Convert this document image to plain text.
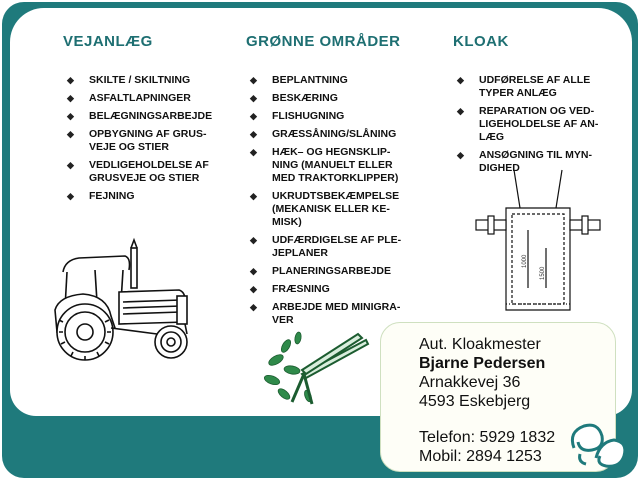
VEJANLÆG
◆ SKILTE / SKILTNING
◆ ASFALTLAPNINGER
◆ BELÆGNINGSARBEJDE
◆ OPBYGNING AF GRUS-
VEJE OG STIER
◆ VEDLIGEHOLDELSE AF
GRUSVEJE OG STIER
◆ FEJNING
GRØNNE OMRÅDER
◆ BEPLANTNING
◆ BESKÆRING
◆ FLISHUGNING
◆ GRÆSSÅNING/SLÅNING
◆ HÆK– OG HEGNSKLIP-
NING (MANUELT ELLER
MED TRAKTORKLIPPER)
◆ UKRUDTSBEKÆMPELSE
(MEKANISK ELLER KE-
MISK)
◆ UDFÆRDIGELSE AF PLE-
JEPLANER
◆ PLANERINGSARBEJDE
◆ FRÆSNING
◆ ARBEJDE MED MINIGRA-
VER
KLOAK
◆ UDFØRELSE AF ALLE
TYPER ANLÆG
◆ REPARATION OG VED-
LIGEHOLDELSE AF AN-
LÆG
◆ ANSØGNING TIL MYN-
DIGHED
1000
1500
Aut. Kloakmester
Bjarne Pedersen
Arnakkevej 36
4593 Eskebjerg
Telefon: 5929 1832
Mobil: 2894 1253
